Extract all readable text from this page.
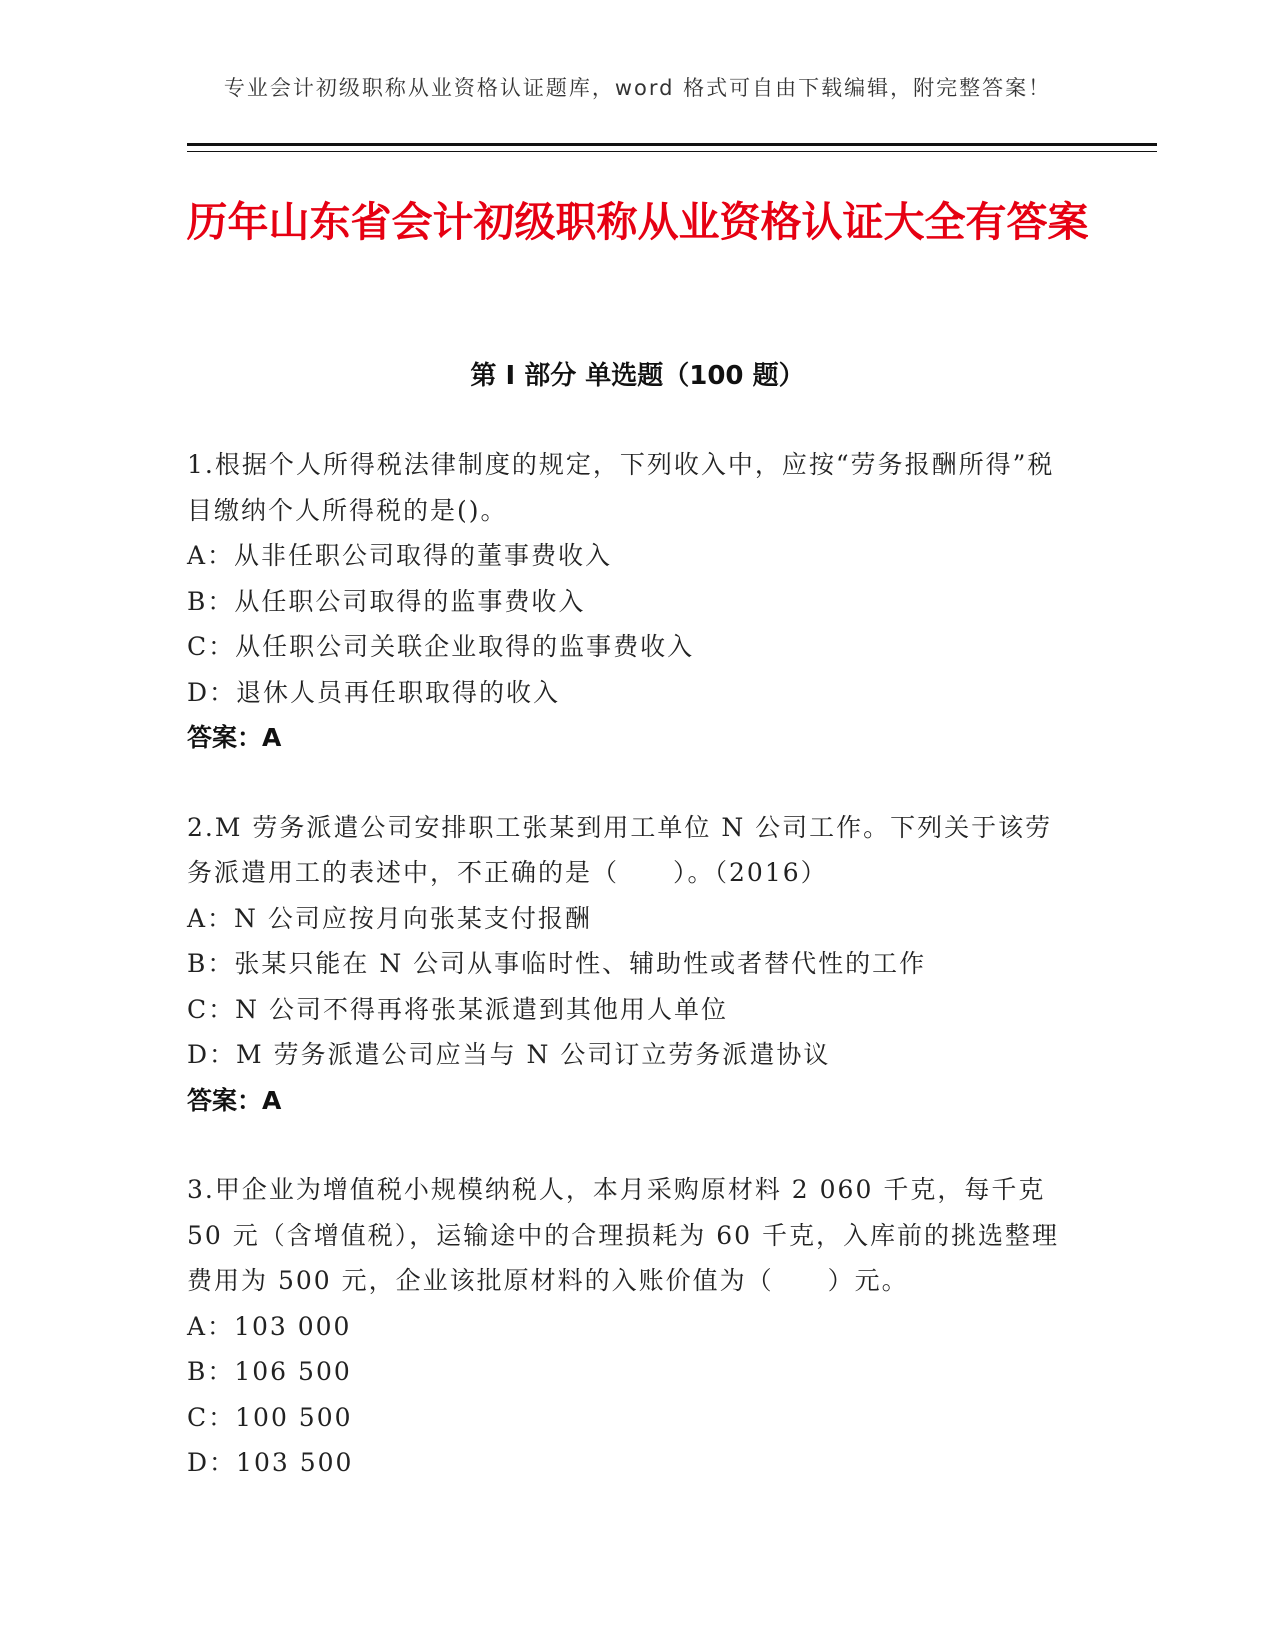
专业会计初级职称从业资格认证题库，word 格式可自由下载编辑，附完整答案！
历年山东省会计初级职称从业资格认证大全有答案
第 I 部分 单选题（100 题）
1.根据个人所得税法律制度的规定，下列收入中，应按“劳务报酬所得”税目缴纳个人所得税的是()。
A：从非任职公司取得的董事费收入
B：从任职公司取得的监事费收入
C：从任职公司关联企业取得的监事费收入
D：退休人员再任职取得的收入
答案：A
2.M 劳务派遣公司安排职工张某到用工单位 N 公司工作。下列关于该劳务派遣用工的表述中，不正确的是（　　）。（2016）
A：N 公司应按月向张某支付报酬
B：张某只能在 N 公司从事临时性、辅助性或者替代性的工作
C：N 公司不得再将张某派遣到其他用人单位
D：M 劳务派遣公司应当与 N 公司订立劳务派遣协议
答案：A
3.甲企业为增值税小规模纳税人，本月采购原材料 2 060 千克，每千克 50 元（含增值税），运输途中的合理损耗为 60 千克，入库前的挑选整理费用为 500 元，企业该批原材料的入账价值为（　　）元。
A：103 000
B：106 500
C：100 500
D：103 500
